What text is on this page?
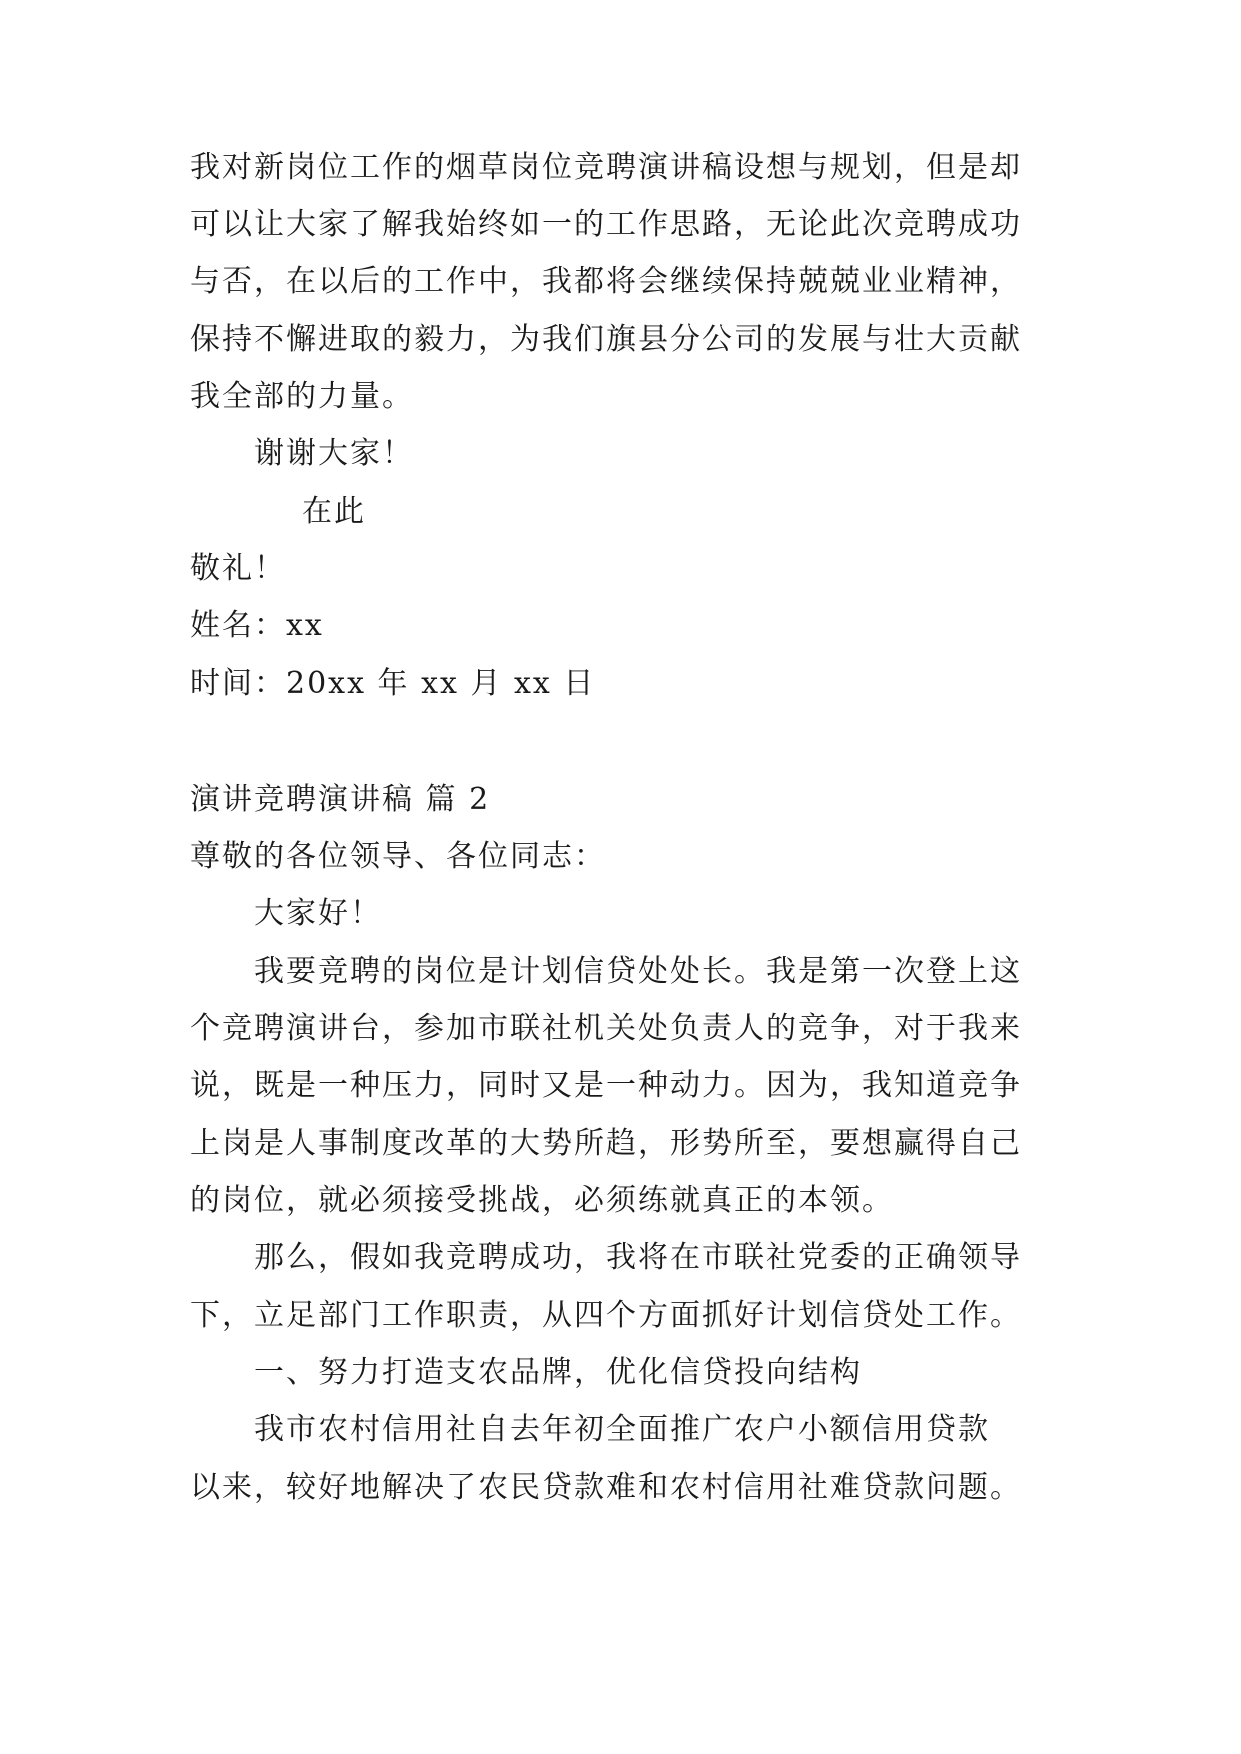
我对新岗位工作的烟草岗位竞聘演讲稿设想与规划，但是却
可以让大家了解我始终如一的工作思路，无论此次竞聘成功
与否，在以后的工作中，我都将会继续保持兢兢业业精神，
保持不懈进取的毅力，为我们旗县分公司的发展与壮大贡献
我全部的力量。
谢谢大家！
在此
敬礼！
姓名：xx
时间：20xx 年 xx 月 xx 日
演讲竞聘演讲稿 篇 2
尊敬的各位领导、各位同志：
大家好！
我要竞聘的岗位是计划信贷处处长。我是第一次登上这
个竞聘演讲台，参加市联社机关处负责人的竞争，对于我来
说，既是一种压力，同时又是一种动力。因为，我知道竞争
上岗是人事制度改革的大势所趋，形势所至，要想赢得自己
的岗位，就必须接受挑战，必须练就真正的本领。
那么，假如我竞聘成功，我将在市联社党委的正确领导
下，立足部门工作职责，从四个方面抓好计划信贷处工作。
一、努力打造支农品牌，优化信贷投向结构
我市农村信用社自去年初全面推广农户小额信用贷款
以来，较好地解决了农民贷款难和农村信用社难贷款问题。
